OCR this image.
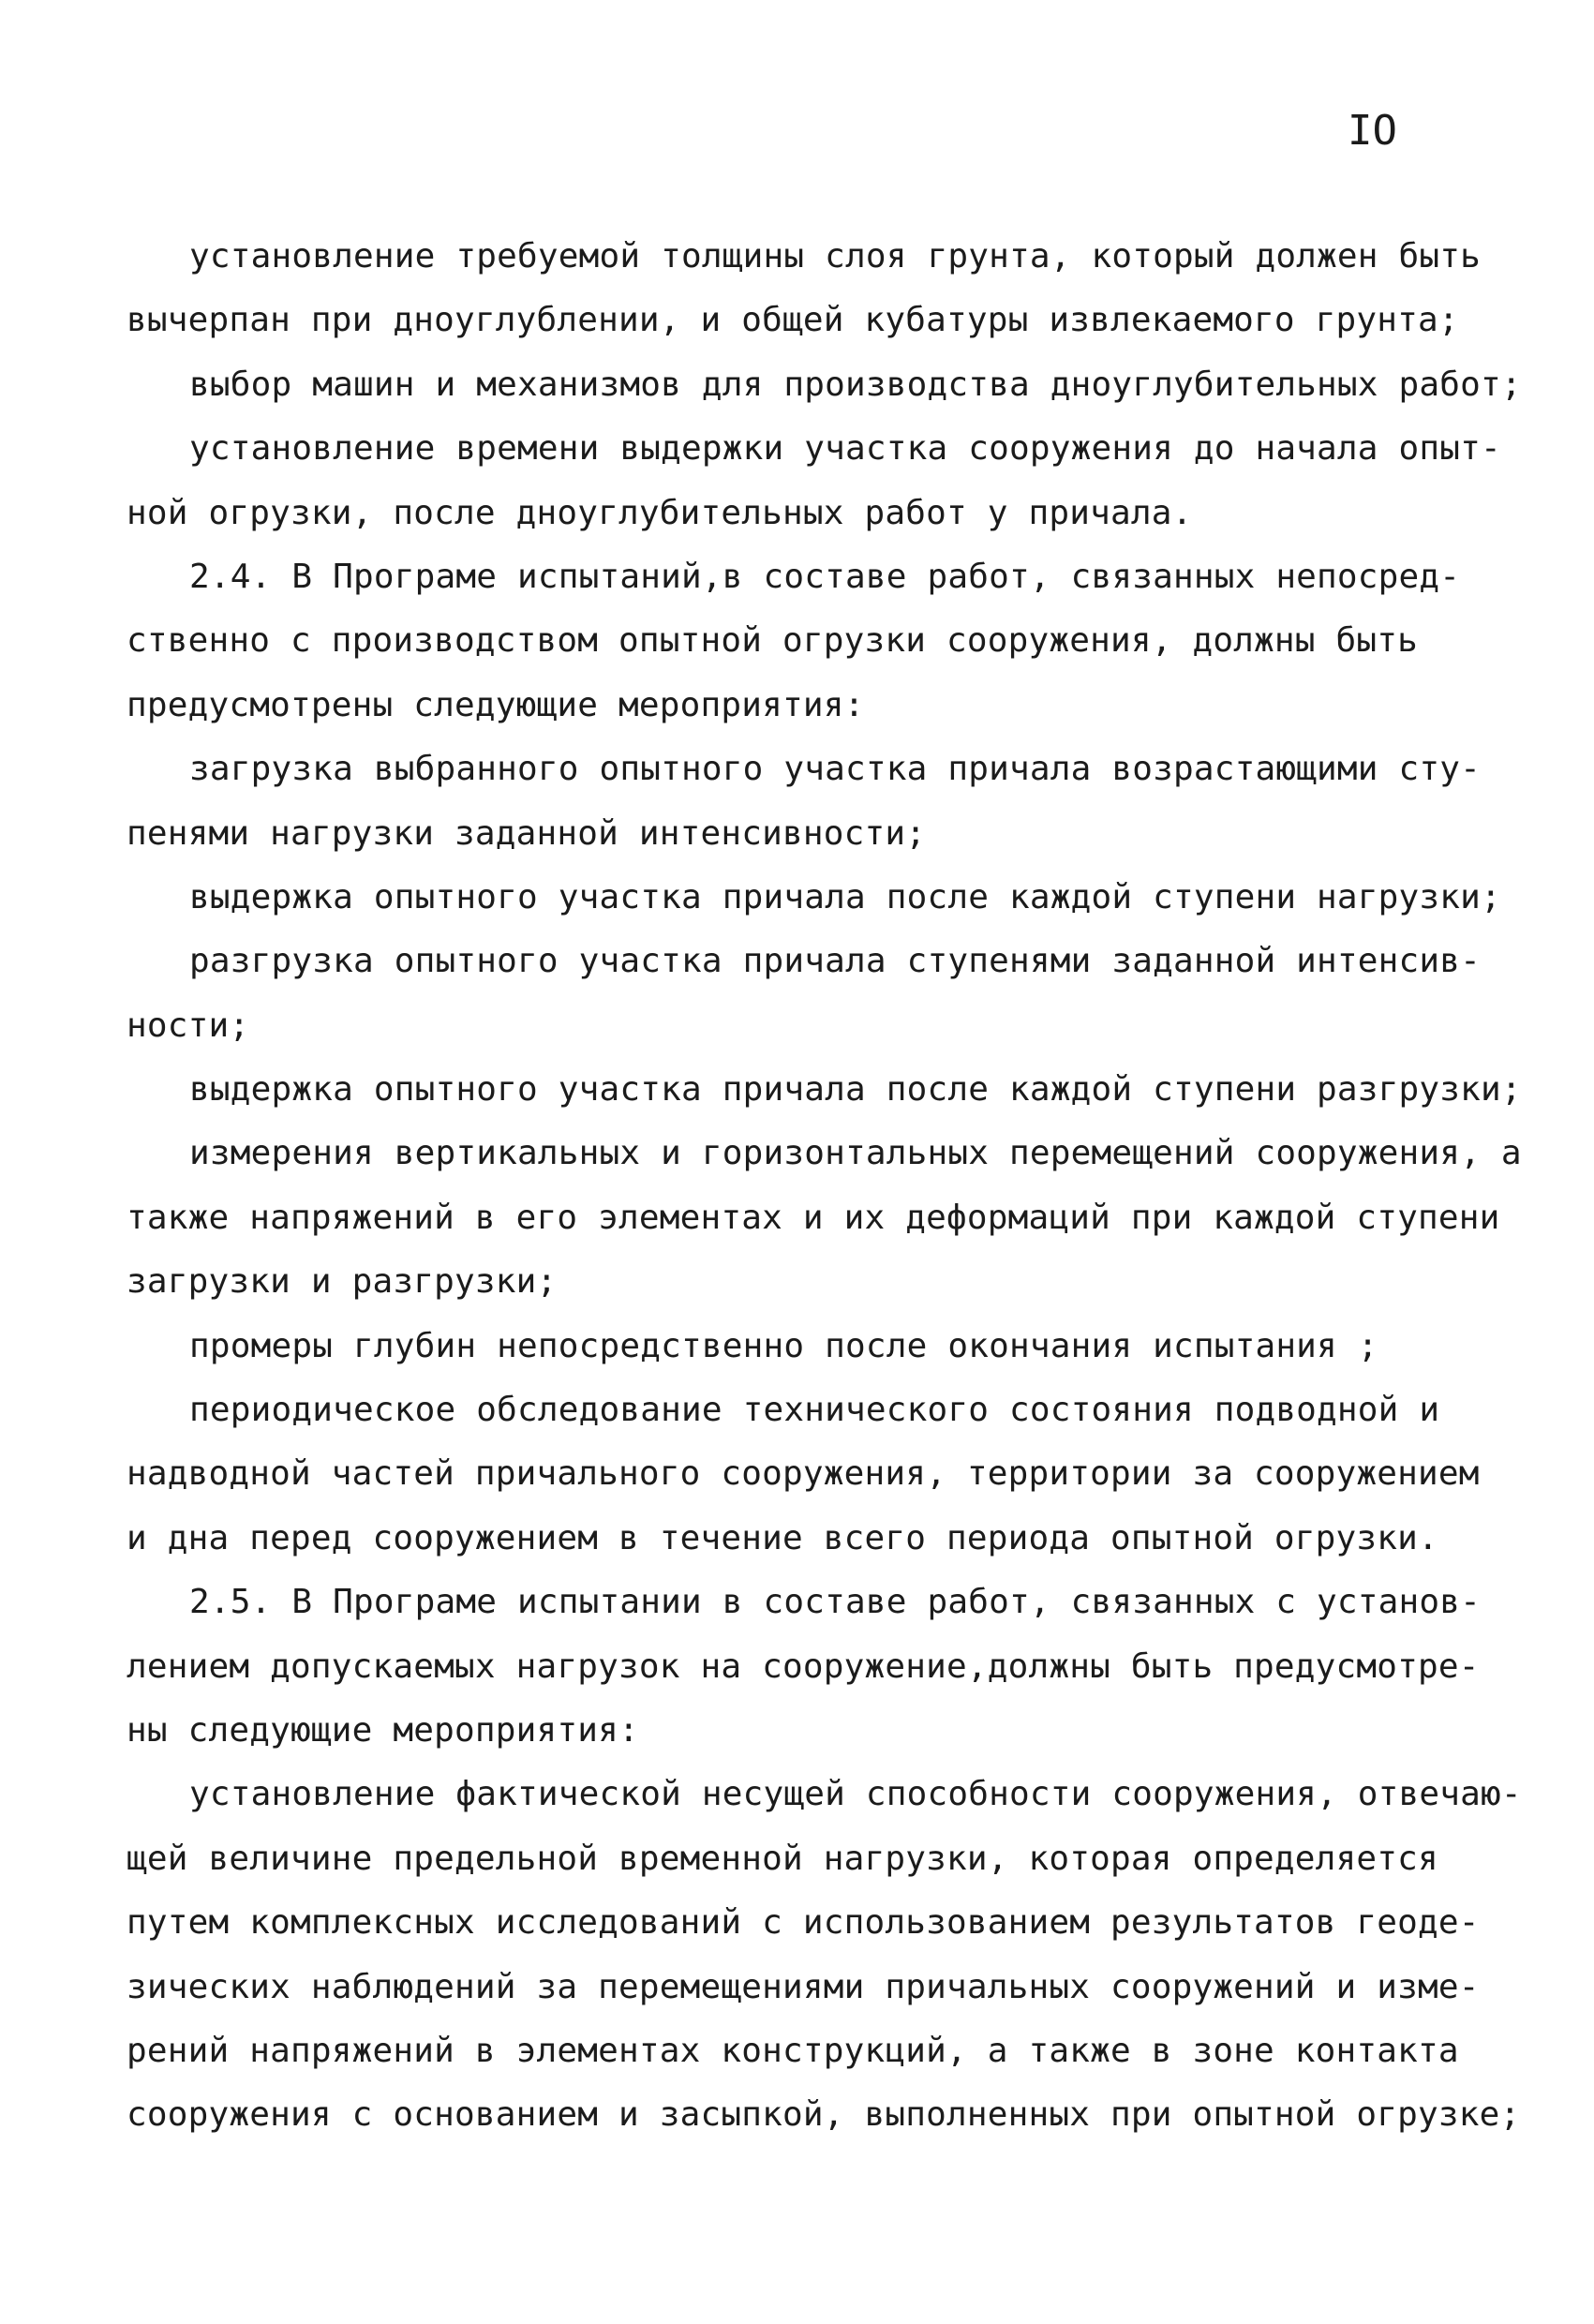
IO
установление требуемой толщины слоя грунта, который должен быть
вычерпан при дноуглублении, и общей кубатуры извлекаемого грунта;
выбор машин и механизмов для производства дноуглубительных работ;
установление времени выдержки участка сооружения до начала опыт-
ной огрузки, после дноуглубительных работ у причала.
2.4. В Програме испытаний,в составе работ, связанных непосред-
ственно с производством опытной огрузки сооружения, должны быть
предусмотрены следующие мероприятия:
загрузка выбранного опытного участка причала возрастающими сту-
пенями нагрузки заданной интенсивности;
выдержка опытного участка причала после каждой ступени нагрузки;
разгрузка опытного участка причала ступенями заданной интенсив-
ности;
выдержка опытного участка причала после каждой ступени разгрузки;
измерения вертикальных и горизонтальных перемещений сооружения, а
также напряжений в его элементах и их деформаций при каждой ступени
загрузки и разгрузки;
промеры глубин непосредственно после окончания испытания ;
периодическое обследование технического состояния подводной и
надводной частей причального сооружения, территории за сооружением
и дна перед сооружением в течение всего периода опытной огрузки.
2.5. В Програме испытании в составе работ, связанных с установ-
лением допускаемых нагрузок на сооружение,должны быть предусмотре-
ны следующие мероприятия:
установление фактической несущей способности сооружения, отвечаю-
щей величине предельной временной нагрузки, которая определяется
путем комплексных исследований с использованием результатов геоде-
зических наблюдений за перемещениями причальных сооружений и изме-
рений напряжений в элементах конструкций, а также в зоне контакта
сооружения с основанием и засыпкой, выполненных при опытной огрузке;
